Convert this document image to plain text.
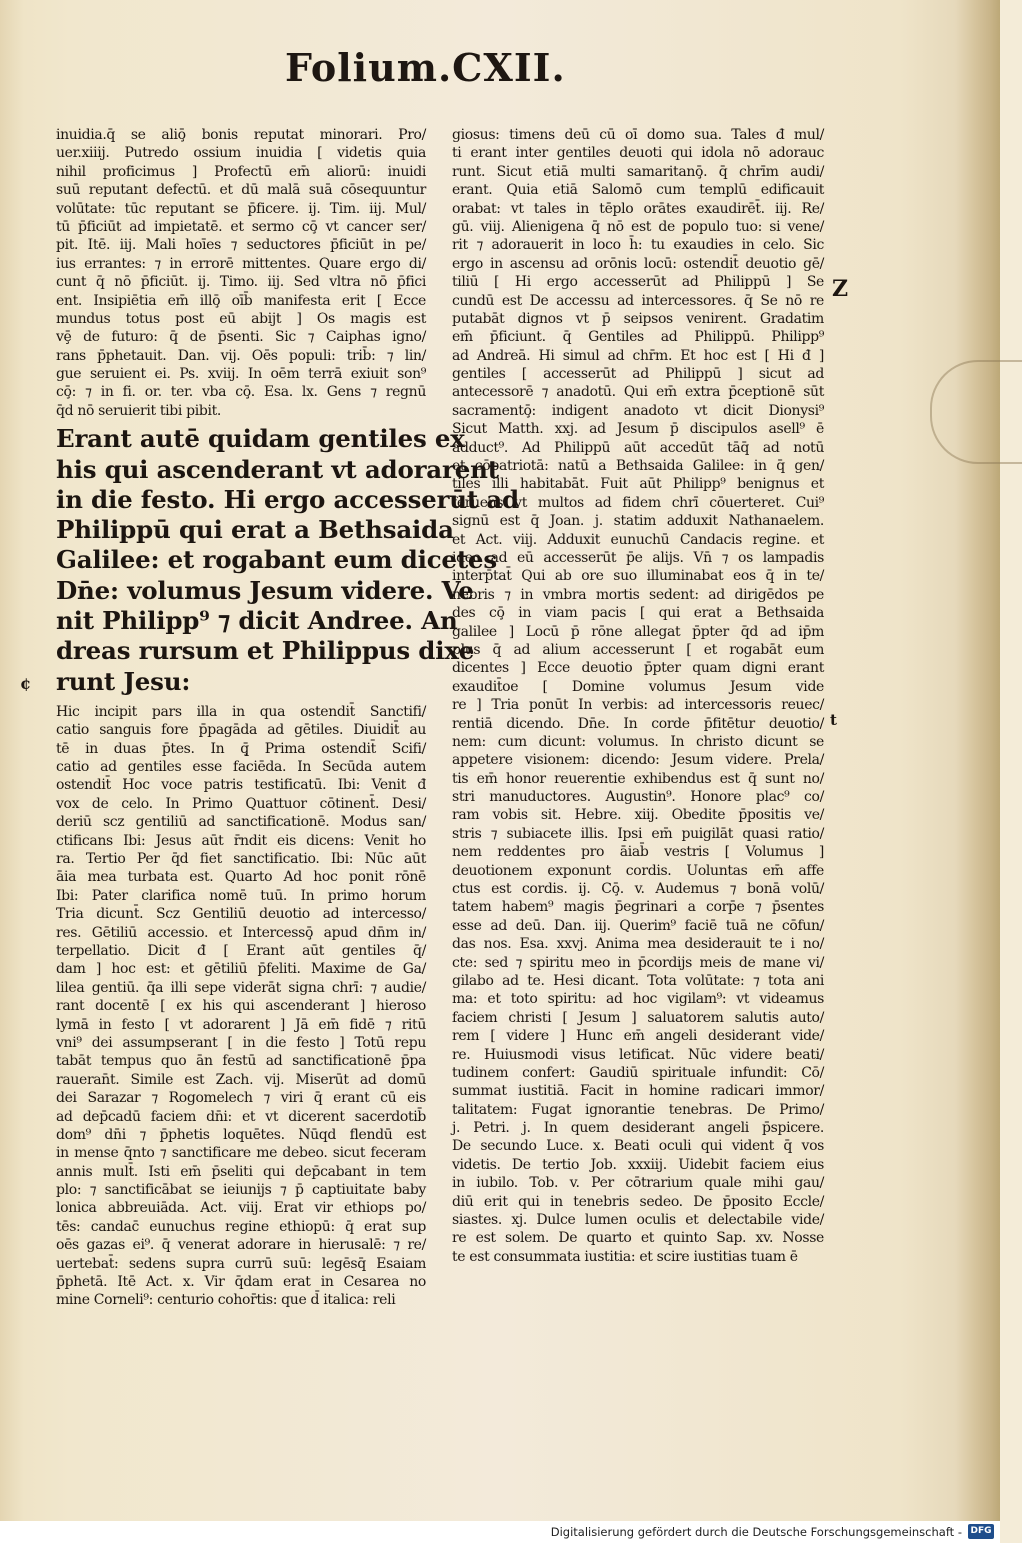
Folium.CXII.
inuidia.q̄ se aliō̧ bonis reputat minorari. Pro/
uer.xiiij. Putredo ossium inuidia [ videtis quia
nihil proficimus ] Profectū em̄ aliorū: inuidi
suū reputant defectū. et dū malā suā cōsequuntur
volūtate: tūc reputant se p̄ficere. ij. Tim. iij. Mul/
tū p̄ficiūt ad impietatē. et sermo cō̧ vt cancer ser/
pit. Itē. iij. Mali hoīes ⁊ seductores p̄ficiūt in pe/
ius errantes: ⁊ in errorē mittentes. Quare ergo di/
cunt q̄ nō p̄ficiūt. ij. Timo. iij. Sed vltra nō p̄fici
ent. Insipiētia em̄ illō̧ oīb̄ manifesta erit [ Ecce
mundus totus post eū abijt ] Os magis est
vȩ̄ de futuro: q̄ de p̄senti. Sic ⁊ Caiphas igno/
rans p̄phetauit. Dan. vij. Oēs populi: trib̄: ⁊ lin/
gue seruient ei. Ps. xviij. In oēm terrā exiuit son⁹
cō̧: ⁊ in fi. or. ter. vba cō̧. Esa. lx. Gens ⁊ regnū
q̄d nō seruierit tibi pibit.
Erant autē quidam gentiles ex
his qui ascenderant vt adorarent
in die festo. Hi ergo accesserūt ad
Philippū qui erat a Bethsaida
Galilee: et rogabant eum dicetes
Dn̄e: volumus Jesum videre. Ve
nit Philipp⁹ ⁊ dicit Andree. An
dreas rursum et Philippus dixe
runt Jesu:
Hic incipit pars illa in qua ostendit̄ Sanctifi/
catio sanguis fore p̄pagāda ad gētiles. Diuidit̄ au
tē in duas p̄tes. In q̧̄ Prima ostendit̄ Scifi/
catio ad gentiles esse faciēda. In Secūda autem
ostendit̄ Hoc voce patris testificatū. Ibi: Venit đ
vox de celo. In Primo Quattuor cōtinent̄. Desi/
deriū scz gentiliū ad sanctificationē. Modus san/
ctificans Ibi: Jesus aūt r̄ndit eis dicens: Venit ho
ra. Tertio Per q̄d fiet sanctificatio. Ibi: Nūc aūt
āia mea turbata est. Quarto Ad hoc ponit rōnē
Ibi: Pater clarifica nomē tuū. In primo horum
Tria dicunt̄. Scz Gentiliū deuotio ad intercesso/
res. Gētiliū accessio. et Intercessō̧ apud dn̄m in/
terpellatio. Dicit đ [ Erant aūt gentiles q̄/
dam ] hoc est: et gētiliū p̄feliti. Maxime de Ga/
lilea gentiū. q̄a illi sepe viderāt signa chrī: ⁊ audie/
rant docentē [ ex his qui ascenderant ] hieroso
lymā in festo [ vt adorarent ] Jā em̄ fidē ⁊ ritū
vni⁹ dei assumpserant [ in die festo ] Totū repu
tabāt tempus quo ān festū ad sanctificationē p̄pa
raueran̄t. Simile est Zach. vij. Miserūt ad domū
dei Sarazar ⁊ Rogomelech ⁊ viri q̄ erant cū eis
ad dep̄cadū faciem dn̄i: et vt dicerent sacerdotib̄
dom⁹ dn̄i ⁊ p̄phetis loquētes. Nūqd flendū est
in mense q̄nto ⁊ sanctificare me debeo. sicut feceram
annis mult̄. Isti em̄ p̄seliti qui dep̄cabant in tem
plo: ⁊ sanctificābat se ieiunijs ⁊ p̄ captiuitate baby
lonica abbreuiāda. Act. viij. Erat vir ethiops po/
tēs: candac̄ eunuchus regine ethiopū: q̄ erat sup
oēs gazas ei⁹. q̄ venerat adorare in hierusalē: ⁊ re/
uertebat̄: sedens supra currū suū: legēsq̄ Esaiam
p̄phetā. Itē Act. x. Vir q̄dam erat in Cesarea no
mine Corneli⁹: centurio cohor̄tis: que d̄ italica: reli
giosus: timens deū cū oī domo sua. Tales đ mul/
ti erant inter gentiles deuoti qui idola nō adorauc
runt. Sicut etiā multi samaritanō̧. q̄ chrīm audi/
erant. Quia etiā Salomō cum templū edificauit
orabat: vt tales in tēplo orātes exaudirēt̄. iij. Re/
gū. viij. Alienigena q̄ nō est de populo tuo: si vene/
rit ⁊ adorauerit in loco h̄: tu exaudies in celo. Sic
ergo in ascensu ad orōnis locū: ostendit̄ deuotio gē/
tiliū [ Hi ergo accesserūt ad Philippū ] Se
cundū est De accessu ad intercessores. q̄ Se nō re
putabāt dignos vt p̄ seipsos venirent. Gradatim
em̄ p̄ficiunt. q̄ Gentiles ad Philippū. Philipp⁹
ad Andreā. Hi simul ad chr̄m. Et hoc est [ Hi đ ]
gentiles [ accesserūt ad Philippū ] sicut ad
antecessorē ⁊ anadotū. Qui em̄ extra p̄ceptionē sūt
sacramentō̧: indigent anadoto vt dicit Dionysi⁹
Sicut Matth. xxj. ad Jesum p̄ discipulos asell⁹ ē
adduct⁹. Ad Philippū aūt accedūt tāq̄ ad notū
et cōpatriotā: natū a Bethsaida Galilee: in q̄ gen/
tiles illi habitabāt. Fuit aūt Philipp⁹ benignus et
feruens vt multos ad fidem chrī cōuerteret. Cui⁹
signū est q̄ Joan. j. statim adduxit Nathanaelem.
et Act. viij. Adduxit eunuchū Candacis regine. et
ideo ad eū accesserūt p̄e alijs. Vn̄ ⁊ os lampadis
interp̄tat̄ Qui ab ore suo illuminabat eos q̄ in te/
nebris ⁊ in vmbra mortis sedent: ad dirigēdos pe
des cō̧ in viam pacis [ qui erat a Bethsaida
galilee ] Locū p̄ rōne allegat p̄pter q̄d ad ip̄m
plus q̄ ad alium accesserunt [ et rogabāt eum
dicentes ] Ecce deuotio p̄pter quam digni erant
exaudit̄oe [ Domine volumus Jesum vide
re ] Tria ponūt In verbis: ad intercessoris reuec/
rentiā dicendo. Dn̄e. In corde p̄fitētur deuotio/
nem: cum dicunt: volumus. In christo dicunt se
appetere visionem: dicendo: Jesum videre. Prela/
tis em̄ honor reuerentie exhibendus est q̄ sunt no/
stri manuductores. Augustin⁹. Honore plac⁹ co/
ram vobis sit. Hebre. xiij. Obedite p̄positis ve/
stris ⁊ subiacete illis. Ipsi em̄ puigilāt quasi ratio/
nem reddentes pro āiab̄ vestris [ Volumus ]
deuotionem exponunt cordis. Uoluntas em̄ affe
ctus est cordis. ij. Cō̧. v. Audemus ⁊ bonā volū/
tatem habem⁹ magis p̄egrinari a corp̄e ⁊ p̄sentes
esse ad deū. Dan. iij. Querim⁹ faciē tuā ne cōfun/
das nos. Esa. xxvj. Anima mea desiderauit te i no/
cte: sed ⁊ spiritu meo in p̄cordijs meis de mane vi/
gilabo ad te. Hesi dicant. Tota volūtate: ⁊ tota ani
ma: et toto spiritu: ad hoc vigilam⁹: vt videamus
faciem christi [ Jesum ] saluatorem salutis auto/
rem [ videre ] Hunc em̄ angeli desiderant vide/
re. Huiusmodi visus letificat. Nūc videre beati/
tudinem confert: Gaudiū spirituale infundit: Cō/
summat iustitiā. Facit in homine radicari immor/
talitatem: Fugat ignorantie tenebras. De Primo/
j. Petri. j. In quem desiderant angeli p̄spicere.
De secundo Luce. x. Beati oculi qui vident q̄ vos
videtis. De tertio Job. xxxiij. Uidebit faciem eius
in iubilo. Tob. v. Per cōtrarium quale mihi gau/
diū erit qui in tenebris sedeo. De p̄posito Eccle/
siastes. xj. Dulce lumen oculis et delectabile vide/
re est solem. De quarto et quinto Sap. xv. Nosse
te est consummata iustitia: et scire iustitias tuam ē
Z
t
¢
Digitalisierung gefördert durch die Deutsche Forschungsgemeinschaft - DFG
